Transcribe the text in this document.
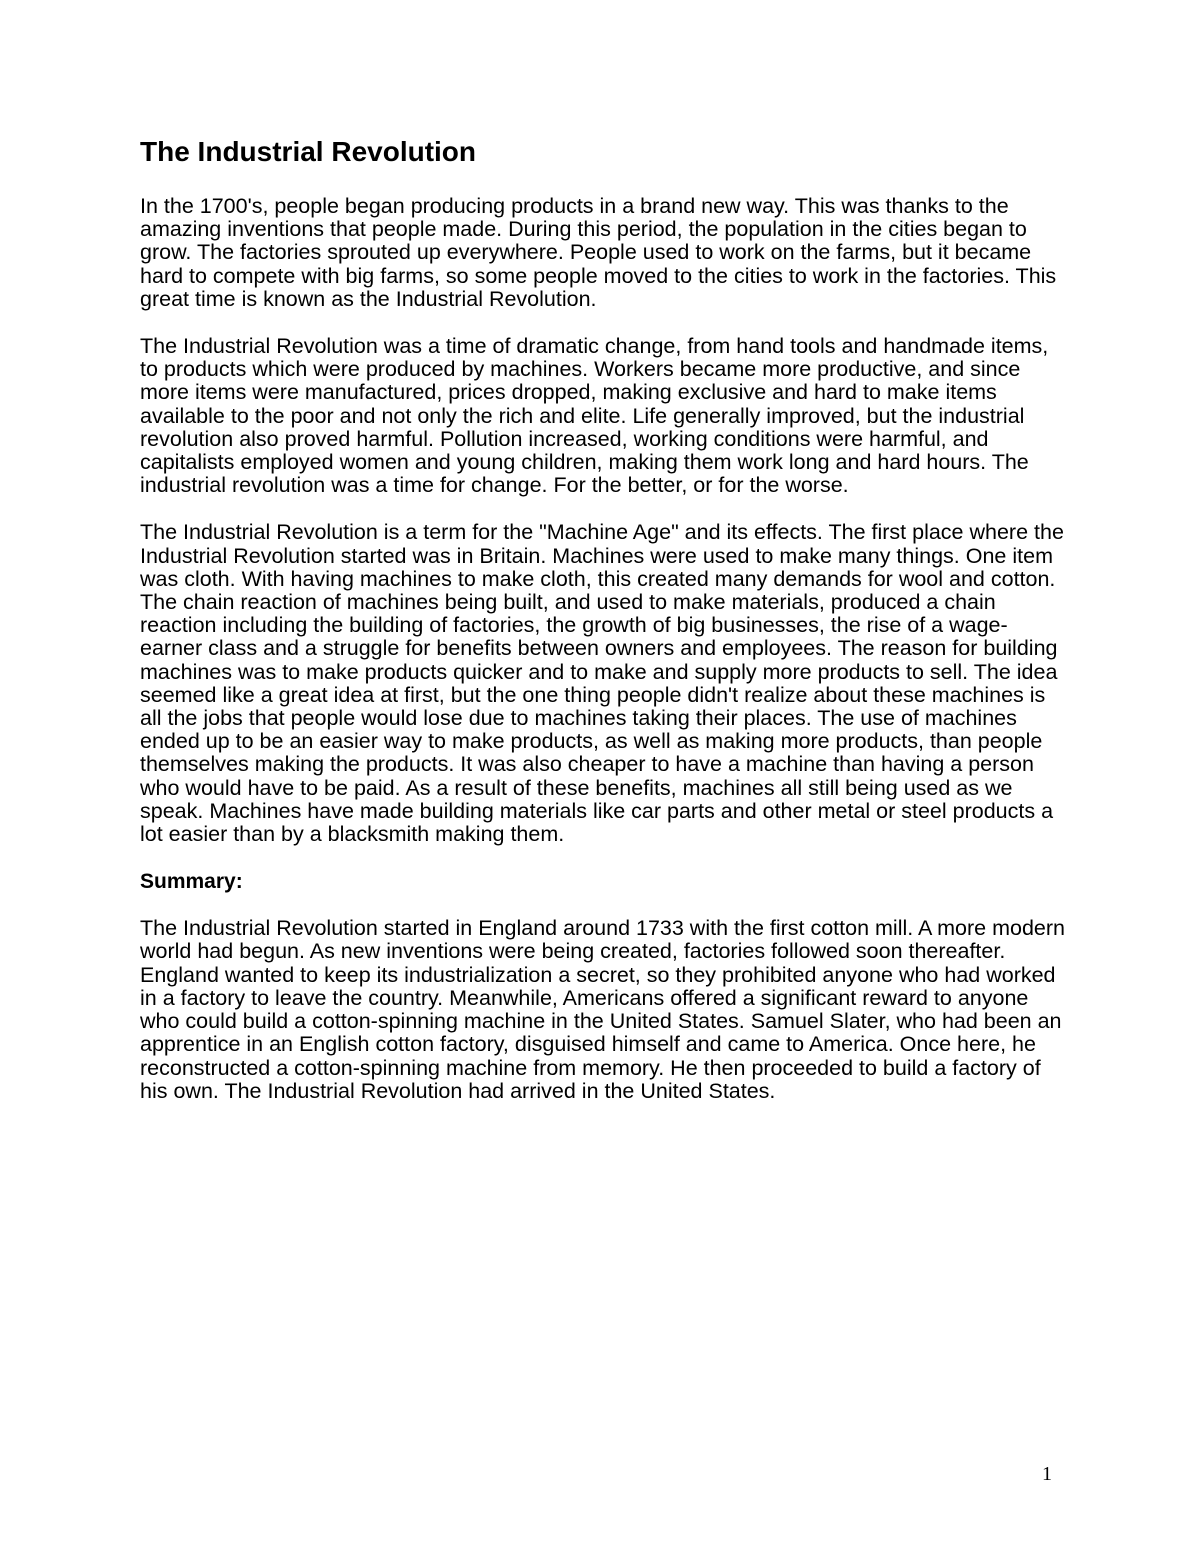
The Industrial Revolution

In the 1700's, people began producing products in a brand new way. This was thanks to the amazing inventions that people made. During this period, the population in the cities began to grow. The factories sprouted up everywhere. People used to work on the farms, but it became hard to compete with big farms, so some people moved to the cities to work in the factories. This great time is known as the Industrial Revolution.

The Industrial Revolution was a time of dramatic change, from hand tools and handmade items, to products which were produced by machines. Workers became more productive, and since more items were manufactured, prices dropped, making exclusive and hard to make items available to the poor and not only the rich and elite. Life generally improved, but the industrial revolution also proved harmful. Pollution increased, working conditions were harmful, and capitalists employed women and young children, making them work long and hard hours. The industrial revolution was a time for change. For the better, or for the worse.

The Industrial Revolution is a term for the "Machine Age" and its effects. The first place where the Industrial Revolution started was in Britain. Machines were used to make many things. One item was cloth. With having machines to make cloth, this created many demands for wool and cotton. The chain reaction of machines being built, and used to make materials, produced a chain reaction including the building of factories, the growth of big businesses, the rise of a wage-earner class and a struggle for benefits between owners and employees. The reason for building machines was to make products quicker and to make and supply more products to sell. The idea seemed like a great idea at first, but the one thing people didn't realize about these machines is all the jobs that people would lose due to machines taking their places. The use of machines ended up to be an easier way to make products, as well as making more products, than people themselves making the products. It was also cheaper to have a machine than having a person who would have to be paid. As a result of these benefits, machines all still being used as we speak. Machines have made building materials like car parts and other metal or steel products a lot easier than by a blacksmith making them.

Summary:

The Industrial Revolution started in England around 1733 with the first cotton mill. A more modern world had begun. As new inventions were being created, factories followed soon thereafter. England wanted to keep its industrialization a secret, so they prohibited anyone who had worked in a factory to leave the country. Meanwhile, Americans offered a significant reward to anyone who could build a cotton-spinning machine in the United States. Samuel Slater, who had been an apprentice in an English cotton factory, disguised himself and came to America. Once here, he reconstructed a cotton-spinning machine from memory. He then proceeded to build a factory of his own. The Industrial Revolution had arrived in the United States.

1
